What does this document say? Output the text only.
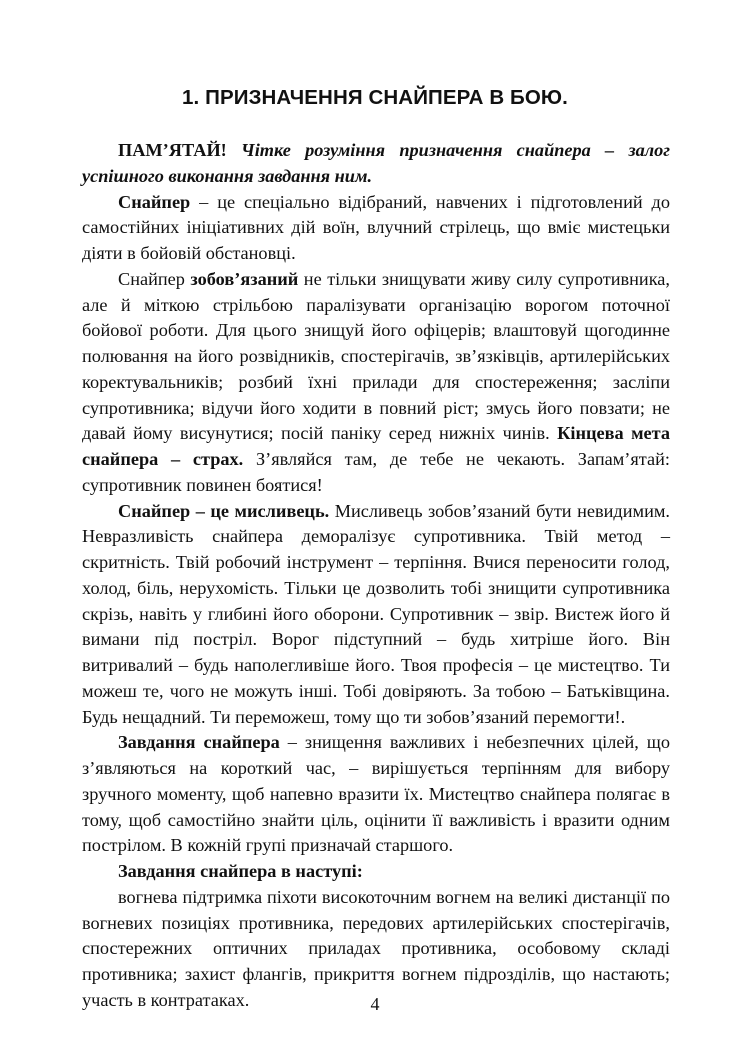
1. ПРИЗНАЧЕННЯ СНАЙПЕРА В БОЮ.

ПАМ’ЯТАЙ! Чітке розуміння призначення снайпера – залог успішного виконання завдання ним.

Снайпер – це спеціально відібраний, навчених і підготовлений до самостійних ініціативних дій воїн, влучний стрілець, що вміє мистецьки діяти в бойовій обстановці.

Снайпер зобов’язаний не тільки знищувати живу силу супротивника, але й міткою стрільбою паралізувати організацію ворогом поточної бойової роботи. Для цього знищуй його офіцерів; влаштовуй щогодинне полювання на його розвідників, спостерігачів, зв’язківців, артилерійських коректувальників; розбий їхні прилади для спостереження; засліпи супротивника; відучи його ходити в повний ріст; змусь його повзати; не давай йому висунутися; посій паніку серед нижніх чинів. Кінцева мета снайпера – страх. З’являйся там, де тебе не чекають. Запам’ятай: супротивник повинен боятися!

Снайпер – це мисливець. Мисливець зобов’язаний бути невидимим. Невразливість снайпера деморалізує супротивника. Твій метод – скритність. Твій робочий інструмент – терпіння. Вчися переносити голод, холод, біль, нерухомість. Тільки це дозволить тобі знищити супротивника скрізь, навіть у глибині його оборони. Супротивник – звір. Вистеж його й вимани під постріл. Ворог підступний – будь хитріше його. Він витривалий – будь наполегливіше його. Твоя професія – це мистецтво. Ти можеш те, чого не можуть інші. Тобі довіряють. За тобою – Батьківщина. Будь нещадний. Ти переможеш, тому що ти зобов’язаний перемогти!.

Завдання снайпера – знищення важливих і небезпечних цілей, що з’являються на короткий час, – вирішується терпінням для вибору зручного моменту, щоб напевно вразити їх. Мистецтво снайпера полягає в тому, щоб самостійно знайти ціль, оцінити її важливість і вразити одним пострілом. В кожній групі призначай старшого.

Завдання снайпера в наступі:

вогнева підтримка піхоти високоточним вогнем на великі дистанції по вогневих позиціях противника, передових артилерійських спостерігачів, спостережних оптичних приладах противника, особовому складі противника; захист флангів, прикриття вогнем підрозділів, що настають; участь в контратаках.	4
